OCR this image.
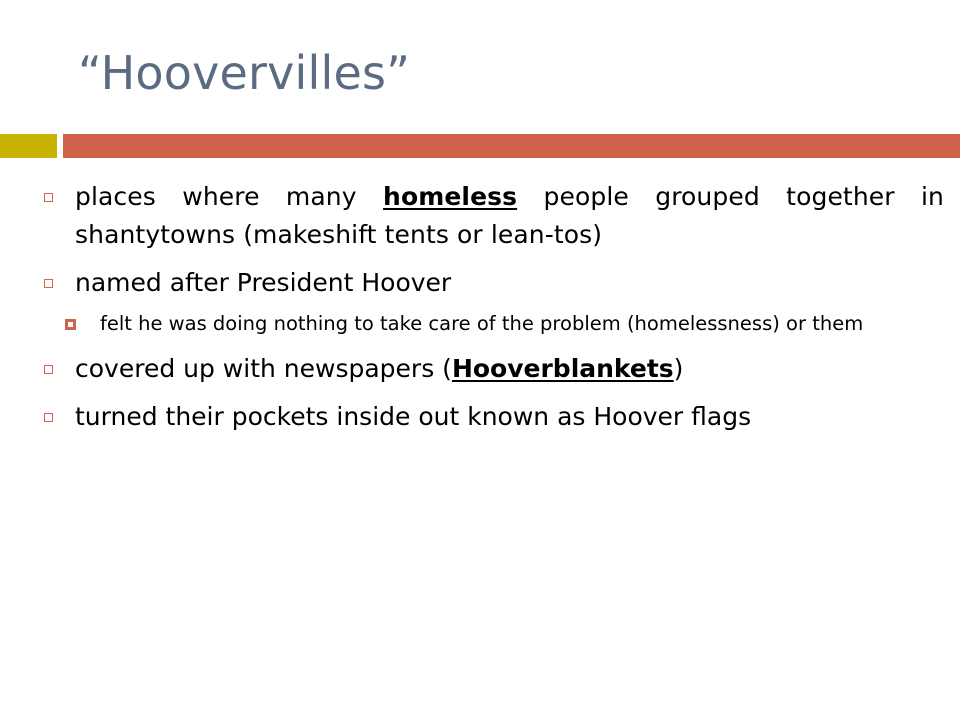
“Hoovervilles”
places where many homeless people grouped together in shantytowns (makeshift tents or lean-tos)
named after President Hoover
felt he was doing nothing to take care of the problem (homelessness) or them
covered up with newspapers (Hooverblankets)
turned their pockets inside out known as Hoover flags
